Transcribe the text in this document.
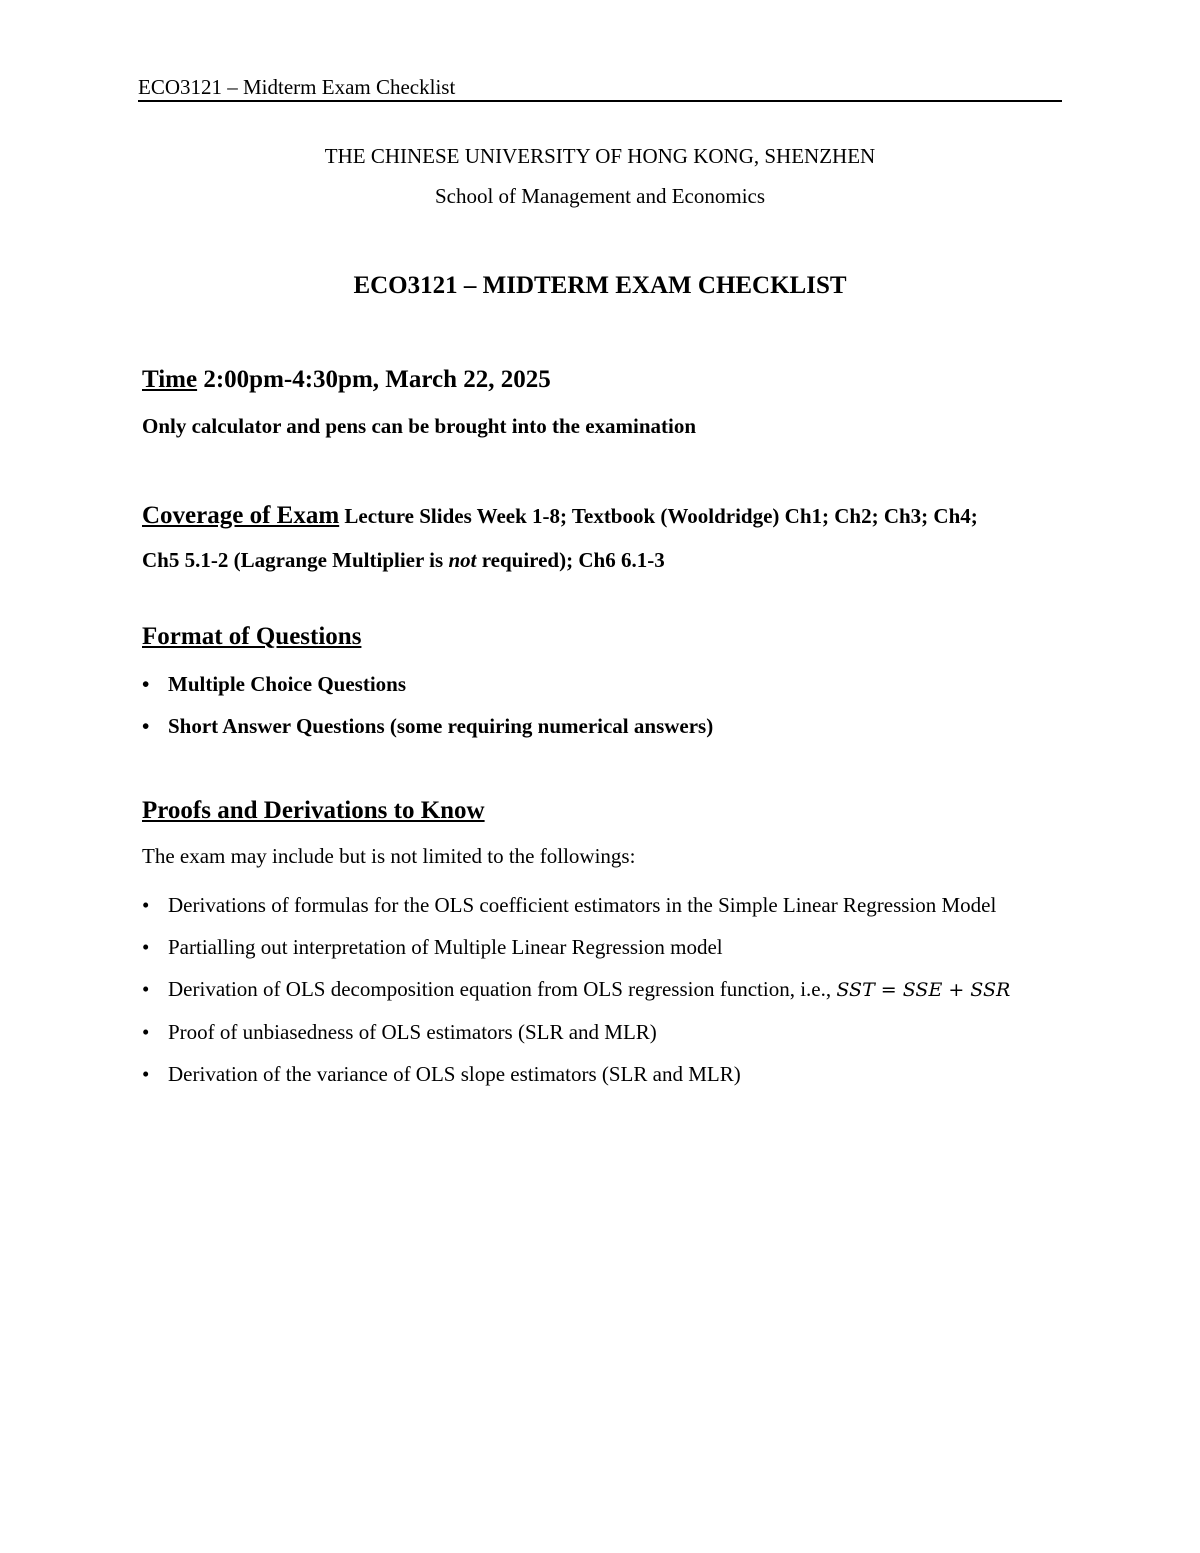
ECO3121 – Midterm Exam Checklist
THE CHINESE UNIVERSITY OF HONG KONG, SHENZHEN
School of Management and Economics
ECO3121 – MIDTERM EXAM CHECKLIST
Time 2:00pm-4:30pm, March 22, 2025
Only calculator and pens can be brought into the examination
Coverage of Exam Lecture Slides Week 1-8; Textbook (Wooldridge) Ch1; Ch2; Ch3; Ch4;
Ch5 5.1-2 (Lagrange Multiplier is not required); Ch6 6.1-3
Format of Questions
• Multiple Choice Questions
• Short Answer Questions (some requiring numerical answers)
Proofs and Derivations to Know
The exam may include but is not limited to the followings:
• Derivations of formulas for the OLS coefficient estimators in the Simple Linear Regression Model
• Partialling out interpretation of Multiple Linear Regression model
• Derivation of OLS decomposition equation from OLS regression function, i.e., SST = SSE + SSR
• Proof of unbiasedness of OLS estimators (SLR and MLR)
• Derivation of the variance of OLS slope estimators (SLR and MLR)
